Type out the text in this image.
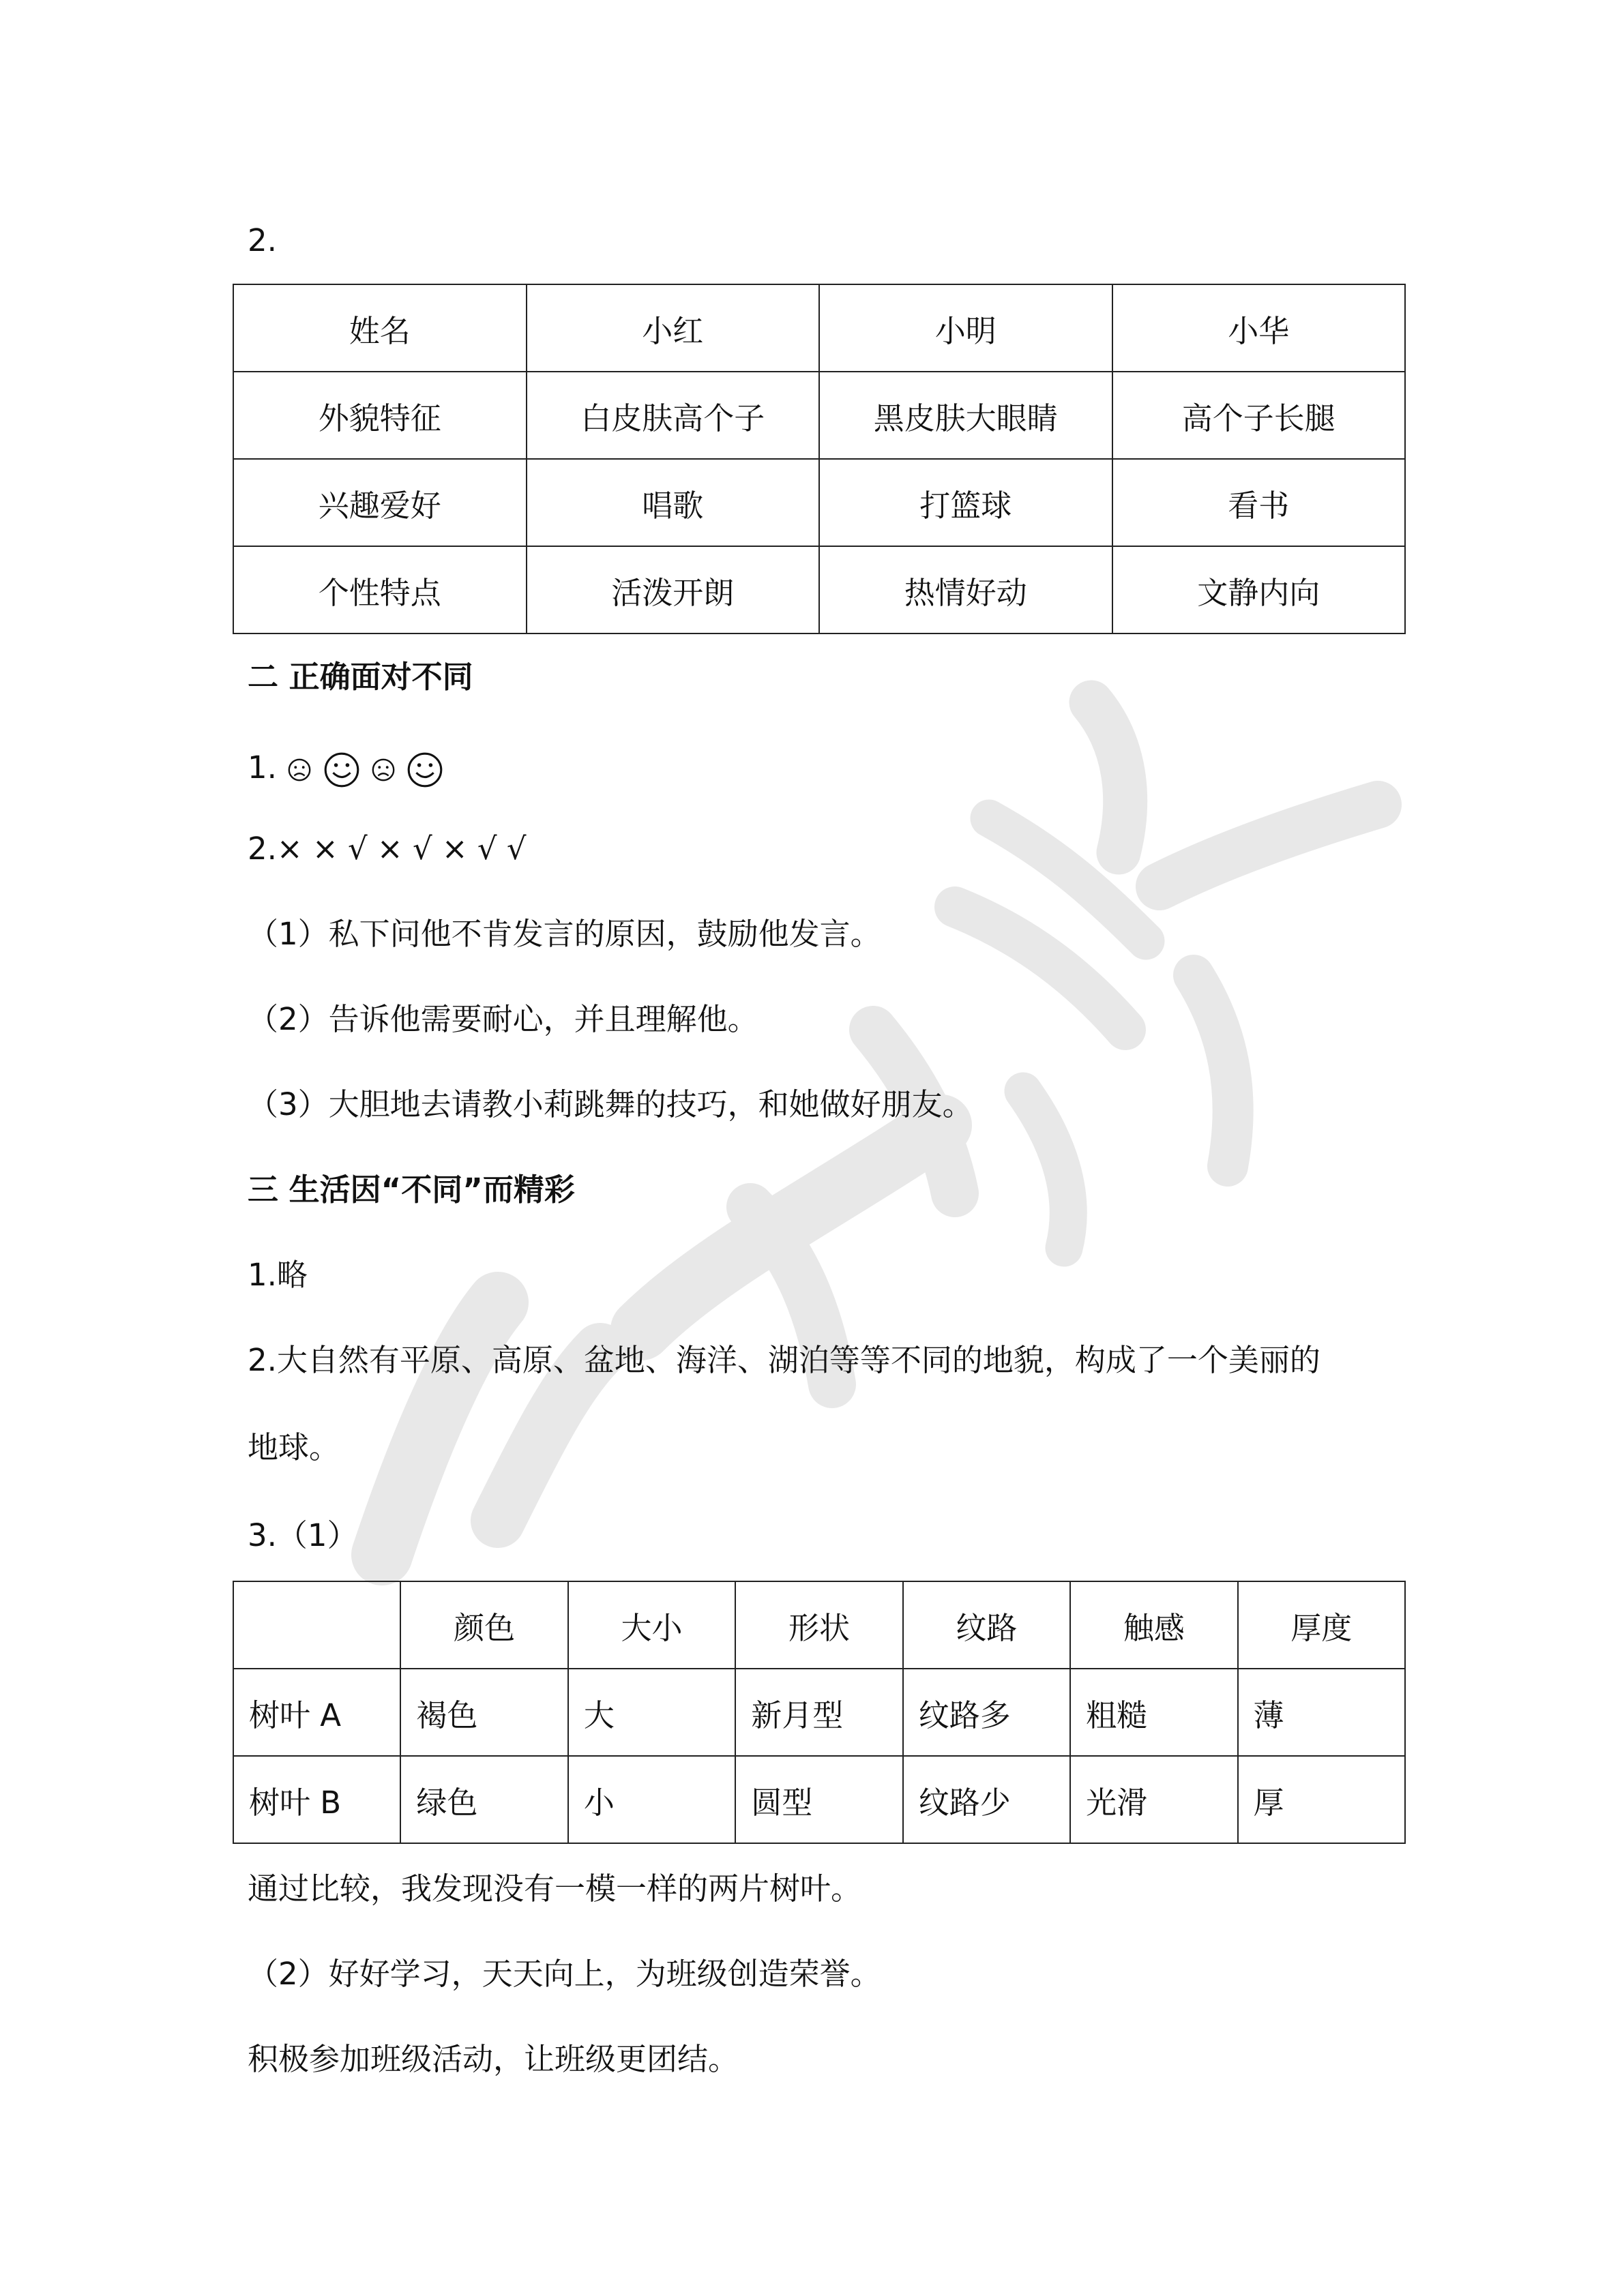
2.
姓名	小红	小明	小华
外貌特征	白皮肤高个子	黑皮肤大眼睛	高个子长腿
兴趣爱好	唱歌	打篮球	看书
个性特点	活泼开朗	热情好动	文静内向
二 正确面对不同
1.
2.× × √ × √ × √ √
（1）私下问他不肯发言的原因，鼓励他发言。
（2）告诉他需要耐心，并且理解他。
（3）大胆地去请教小莉跳舞的技巧，和她做好朋友。
三 生活因“不同”而精彩
1.略
2.大自然有平原、高原、盆地、海洋、湖泊等等不同的地貌，构成了一个美丽的
地球。
3.（1）
	颜色	大小	形状	纹路	触感	厚度
树叶 A	褐色	大	新月型	纹路多	粗糙	薄
树叶 B	绿色	小	圆型	纹路少	光滑	厚
通过比较，我发现没有一模一样的两片树叶。
（2）好好学习，天天向上，为班级创造荣誉。
积极参加班级活动，让班级更团结。
